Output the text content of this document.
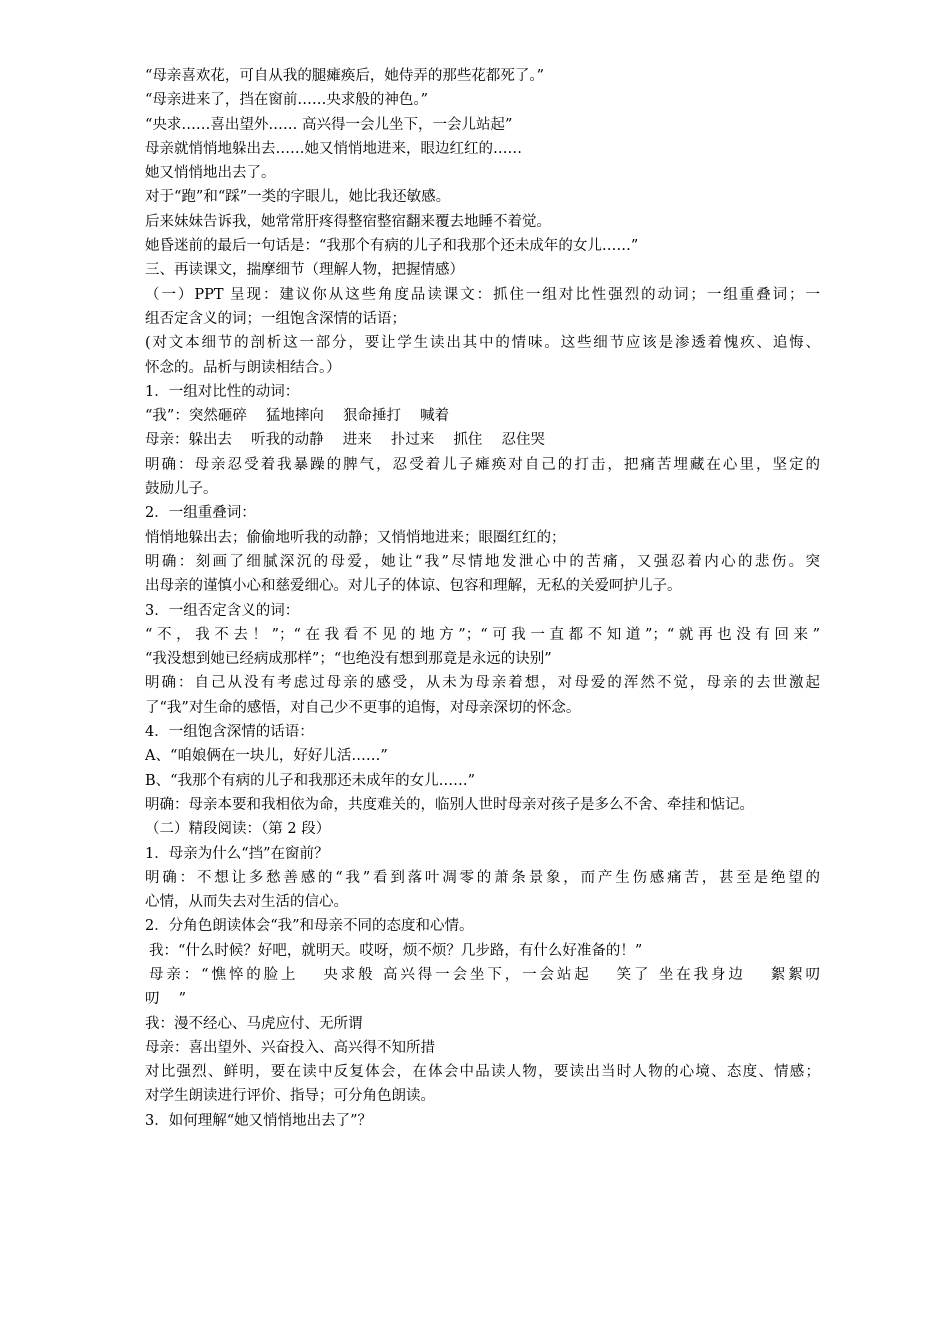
“母亲喜欢花，可自从我的腿瘫痪后，她侍弄的那些花都死了。”
“母亲进来了，挡在窗前……央求般的神色。”
“央求……喜出望外…… 高兴得一会儿坐下，一会儿站起”
母亲就悄悄地躲出去……她又悄悄地进来，眼边红红的……
她又悄悄地出去了。
对于“跑”和“踩”一类的字眼儿，她比我还敏感。
后来妹妹告诉我，她常常肝疼得整宿整宿翻来覆去地睡不着觉。
她昏迷前的最后一句话是：“我那个有病的儿子和我那个还未成年的女儿……”
三、再读课文，揣摩细节（理解人物，把握情感）
（一）PPT 呈现：建议你从这些角度品读课文：抓住一组对比性强烈的动词；一组重叠词；一
组否定含义的词；一组饱含深情的话语；
(对文本细节的剖析这一部分，要让学生读出其中的情味。这些细节应该是渗透着愧疚、追悔、
怀念的。品析与朗读相结合。）
1．一组对比性的动词：
“我”：突然砸碎　 猛地摔向　 狠命捶打　 喊着
母亲：躲出去　 听我的动静　 进来　 扑过来　 抓住　 忍住哭
明确：母亲忍受着我暴躁的脾气，忍受着儿子瘫痪对自己的打击，把痛苦埋藏在心里，坚定的
鼓励儿子。
2．一组重叠词：
悄悄地躲出去；偷偷地听我的动静；又悄悄地进来；眼圈红红的；
明确：刻画了细腻深沉的母爱，她让“我”尽情地发泄心中的苦痛，又强忍着内心的悲伤。突
出母亲的谨慎小心和慈爱细心。对儿子的体谅、包容和理解，无私的关爱呵护儿子。
3．一组否定含义的词：
“不，我不去！”；“在我看不见的地方”；“可我一直都不知道”；“就再也没有回来”
“我没想到她已经病成那样”；“也绝没有想到那竟是永远的诀别”
明确：自己从没有考虑过母亲的感受，从未为母亲着想，对母爱的浑然不觉，母亲的去世激起
了“我”对生命的感悟，对自己少不更事的追悔，对母亲深切的怀念。
4．一组饱含深情的话语：
A、“咱娘俩在一块儿，好好儿活……”
B、“我那个有病的儿子和我那还未成年的女儿……”
明确：母亲本要和我相依为命，共度难关的，临别人世时母亲对孩子是多么不舍、牵挂和惦记。
（二）精段阅读：（第 2 段）
1．母亲为什么“挡”在窗前？
明确：不想让多愁善感的“我”看到落叶凋零的萧条景象，而产生伤感痛苦，甚至是绝望的
心情，从而失去对生活的信心。
2．分角色朗读体会“我”和母亲不同的态度和心情。
我：“什么时候？好吧，就明天。哎呀，烦不烦？几步路，有什么好准备的！”
母亲：“憔悴的脸上　 央求般 高兴得一会坐下，一会站起　 笑了 坐在我身边　 絮絮叨
叨　 ”
我：漫不经心、马虎应付、无所谓
母亲：喜出望外、兴奋投入、高兴得不知所措
对比强烈、鲜明，要在读中反复体会，在体会中品读人物，要读出当时人物的心境、态度、情感；
对学生朗读进行评价、指导；可分角色朗读。
3．如何理解“她又悄悄地出去了”？
